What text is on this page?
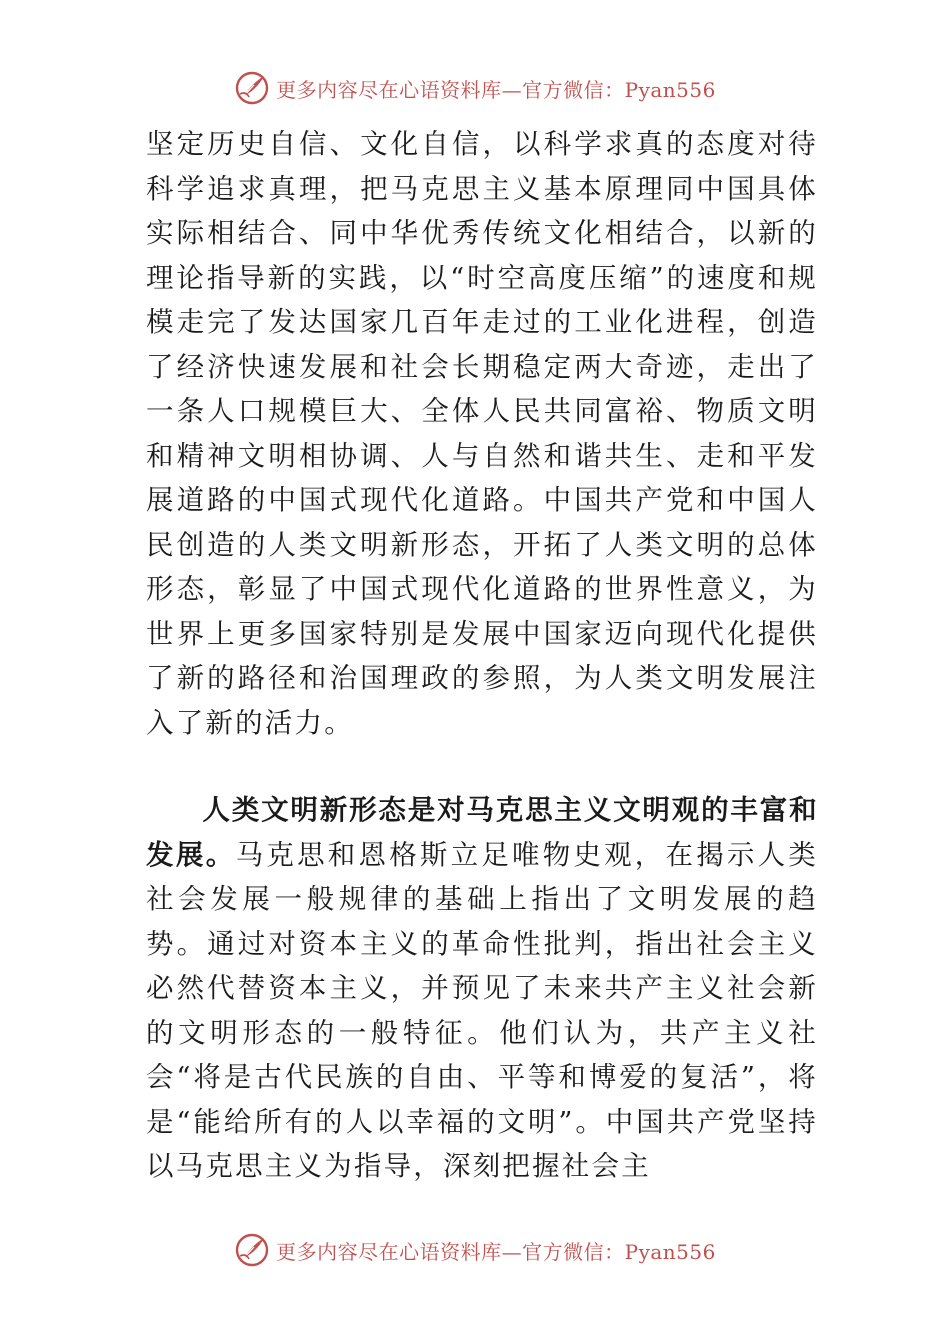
更多内容尽在心语资料库—官方微信：Pyan556

坚定历史自信、文化自信，以科学求真的态度对待科学追求真理，把马克思主义基本原理同中国具体实际相结合、同中华优秀传统文化相结合，以新的理论指导新的实践，以“时空高度压缩”的速度和规模走完了发达国家几百年走过的工业化进程，创造了经济快速发展和社会长期稳定两大奇迹，走出了一条人口规模巨大、全体人民共同富裕、物质文明和精神文明相协调、人与自然和谐共生、走和平发展道路的中国式现代化道路。中国共产党和中国人民创造的人类文明新形态，开拓了人类文明的总体形态，彰显了中国式现代化道路的世界性意义，为世界上更多国家特别是发展中国家迈向现代化提供了新的路径和治国理政的参照，为人类文明发展注入了新的活力。

人类文明新形态是对马克思主义文明观的丰富和发展。马克思和恩格斯立足唯物史观，在揭示人类社会发展一般规律的基础上指出了文明发展的趋势。通过对资本主义的革命性批判，指出社会主义必然代替资本主义，并预见了未来共产主义社会新的文明形态的一般特征。他们认为，共产主义社会“将是古代民族的自由、平等和博爱的复活”，将是“能给所有的人以幸福的文明”。中国共产党坚持以马克思主义为指导，深刻把握社会主

更多内容尽在心语资料库—官方微信：Pyan556
